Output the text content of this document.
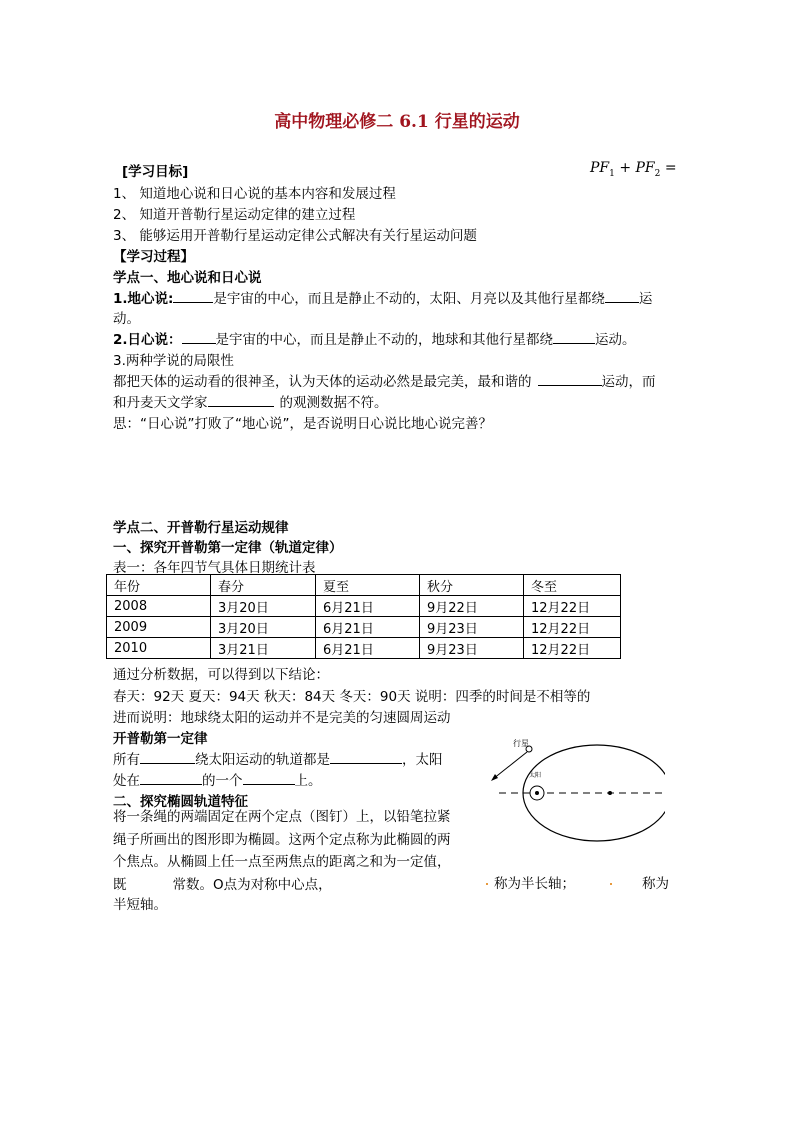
高中物理必修二 6.1 行星的运动
$PF_1 + PF_2$ =
[学习目标]
1、 知道地心说和日心说的基本内容和发展过程
2、 知道开普勒行星运动定律的建立过程
3、 能够运用开普勒行星运动定律公式解决有关行星运动问题
【学习过程】
学点一、地心说和日心说
1.地心说:	是宇宙的中心，而且是静止不动的，太阳、月亮以及其他行星都绕	运
动。
2.日心说：	是宇宙的中心，而且是静止不动的，地球和其他行星都绕	运动。
3.两种学说的局限性
都把天体的运动看的很神圣，认为天体的运动必然是最完美，最和谐的	运动，而
和丹麦天文学家	的观测数据不符。
思：“日心说”打败了“地心说”，是否说明日心说比地心说完善？
学点二、开普勒行星运动规律
一、探究开普勒第一定律（轨道定律）
表一：各年四节气具体日期统计表
年份	春分	夏至	秋分	冬至
2008	3月20日	6月21日	9月22日	12月22日
2009	3月20日	6月21日	9月23日	12月22日
2010	3月21日	6月21日	9月23日	12月22日
通过分析数据，可以得到以下结论：
春天：92天 夏天：94天 秋天：84天 冬天：90天 说明：四季的时间是不相等的
进而说明：地球绕太阳的运动并不是完美的匀速圆周运动
开普勒第一定律
所有	绕太阳运动的轨道都是	，太阳
处在	的一个	上。
二、探究椭圆轨道特征
将一条绳的两端固定在两个定点（图钉）上，以铅笔拉紧绳子所画出的图形即为椭圆。这两个定点称为此椭圆的两个焦点。从椭圆上任一点至两焦点的距离之和为一定值，既	常数。O点为对称中心点，	称为半长轴；	称为
半短轴。
行星
太阳
